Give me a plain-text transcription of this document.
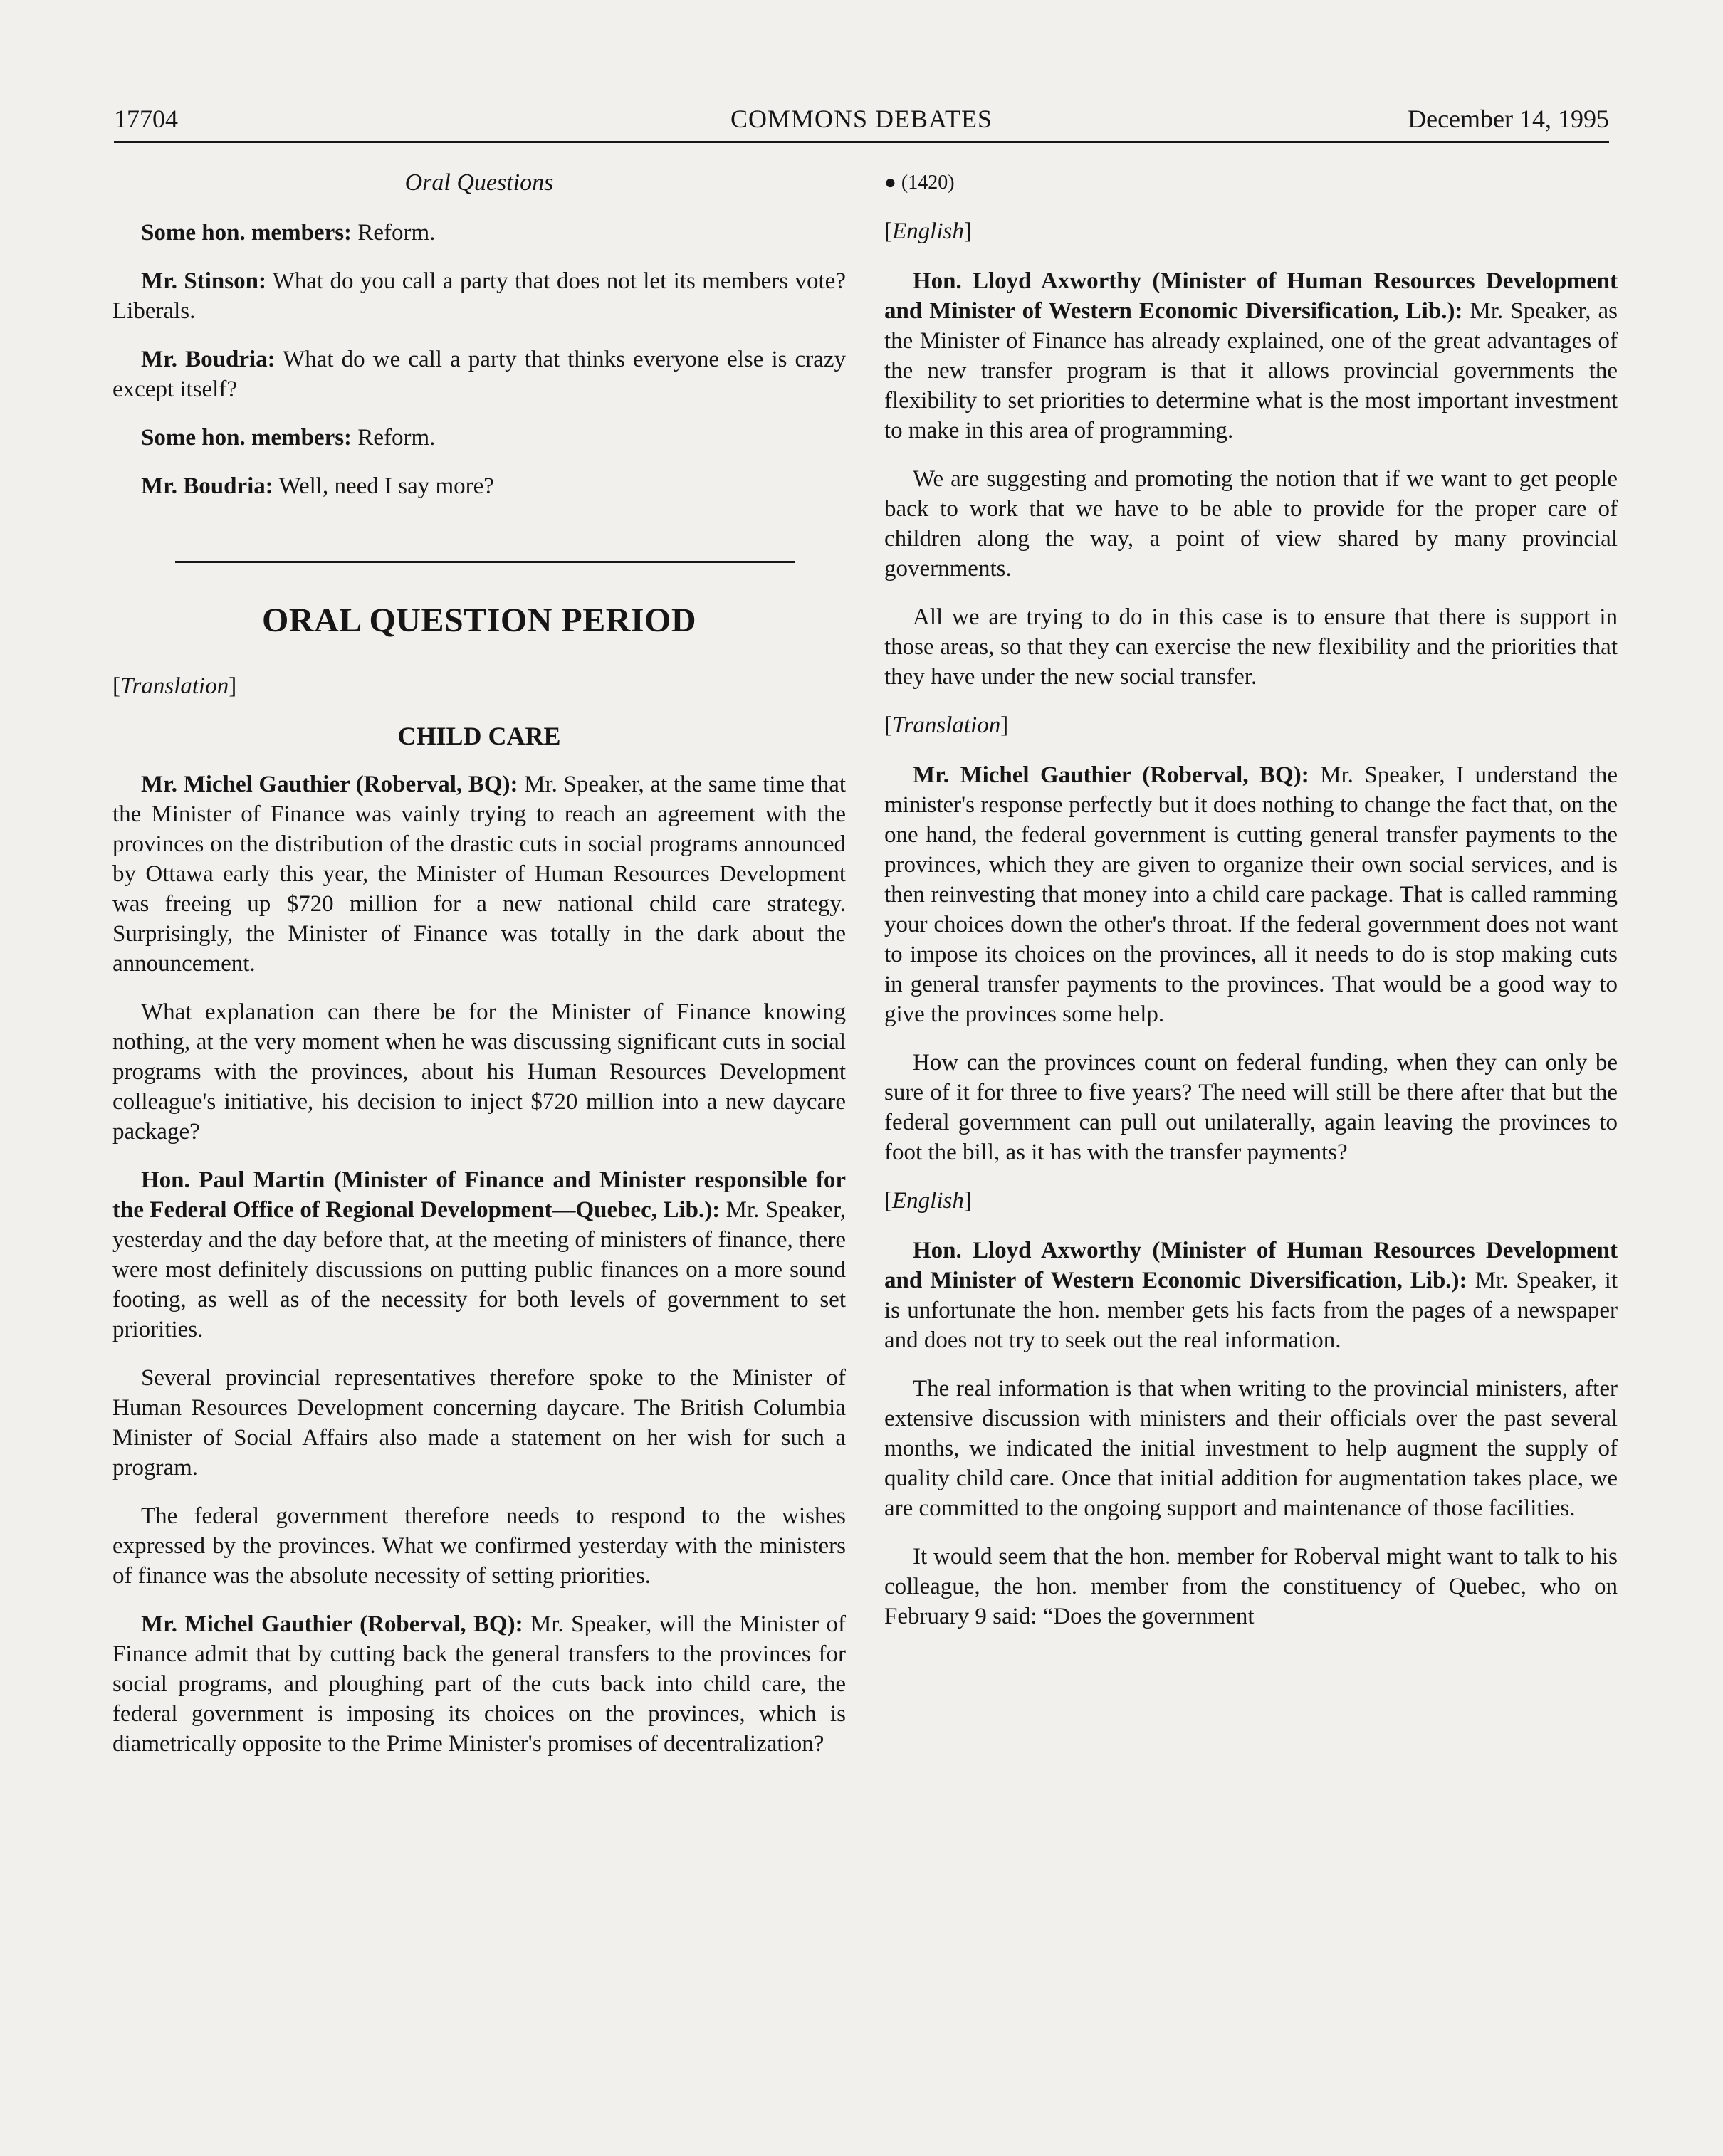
17704	COMMONS DEBATES	December 14, 1995
Oral Questions

Some hon. members: Reform.

Mr. Stinson: What do you call a party that does not let its members vote? Liberals.

Mr. Boudria: What do we call a party that thinks everyone else is crazy except itself?

Some hon. members: Reform.

Mr. Boudria: Well, need I say more?

ORAL QUESTION PERIOD
[Translation]
CHILD CARE

Mr. Michel Gauthier (Roberval, BQ): Mr. Speaker, at the same time that the Minister of Finance was vainly trying to reach an agreement with the provinces on the distribution of the drastic cuts in social programs announced by Ottawa early this year, the Minister of Human Resources Development was freeing up $720 million for a new national child care strategy. Surprisingly, the Minister of Finance was totally in the dark about the announcement.

What explanation can there be for the Minister of Finance knowing nothing, at the very moment when he was discussing significant cuts in social programs with the provinces, about his Human Resources Development colleague's initiative, his decision to inject $720 million into a new daycare package?

Hon. Paul Martin (Minister of Finance and Minister responsible for the Federal Office of Regional Development—Quebec, Lib.): Mr. Speaker, yesterday and the day before that, at the meeting of ministers of finance, there were most definitely discussions on putting public finances on a more sound footing, as well as of the necessity for both levels of government to set priorities.

Several provincial representatives therefore spoke to the Minister of Human Resources Development concerning daycare. The British Columbia Minister of Social Affairs also made a statement on her wish for such a program.

The federal government therefore needs to respond to the wishes expressed by the provinces. What we confirmed yesterday with the ministers of finance was the absolute necessity of setting priorities.

Mr. Michel Gauthier (Roberval, BQ): Mr. Speaker, will the Minister of Finance admit that by cutting back the general transfers to the provinces for social programs, and ploughing part of the cuts back into child care, the federal government is imposing its choices on the provinces, which is diametrically opposite to the Prime Minister's promises of decentralization?

● (1420)
[English]

Hon. Lloyd Axworthy (Minister of Human Resources Development and Minister of Western Economic Diversification, Lib.): Mr. Speaker, as the Minister of Finance has already explained, one of the great advantages of the new transfer program is that it allows provincial governments the flexibility to set priorities to determine what is the most important investment to make in this area of programming.

We are suggesting and promoting the notion that if we want to get people back to work that we have to be able to provide for the proper care of children along the way, a point of view shared by many provincial governments.

All we are trying to do in this case is to ensure that there is support in those areas, so that they can exercise the new flexibility and the priorities that they have under the new social transfer.

[Translation]

Mr. Michel Gauthier (Roberval, BQ): Mr. Speaker, I understand the minister's response perfectly but it does nothing to change the fact that, on the one hand, the federal government is cutting general transfer payments to the provinces, which they are given to organize their own social services, and is then reinvesting that money into a child care package. That is called ramming your choices down the other's throat. If the federal government does not want to impose its choices on the provinces, all it needs to do is stop making cuts in general transfer payments to the provinces. That would be a good way to give the provinces some help.

How can the provinces count on federal funding, when they can only be sure of it for three to five years? The need will still be there after that but the federal government can pull out unilaterally, again leaving the provinces to foot the bill, as it has with the transfer payments?

[English]

Hon. Lloyd Axworthy (Minister of Human Resources Development and Minister of Western Economic Diversification, Lib.): Mr. Speaker, it is unfortunate the hon. member gets his facts from the pages of a newspaper and does not try to seek out the real information.

The real information is that when writing to the provincial ministers, after extensive discussion with ministers and their officials over the past several months, we indicated the initial investment to help augment the supply of quality child care. Once that initial addition for augmentation takes place, we are committed to the ongoing support and maintenance of those facilities.

It would seem that the hon. member for Roberval might want to talk to his colleague, the hon. member from the constituency of Quebec, who on February 9 said: “Does the government
